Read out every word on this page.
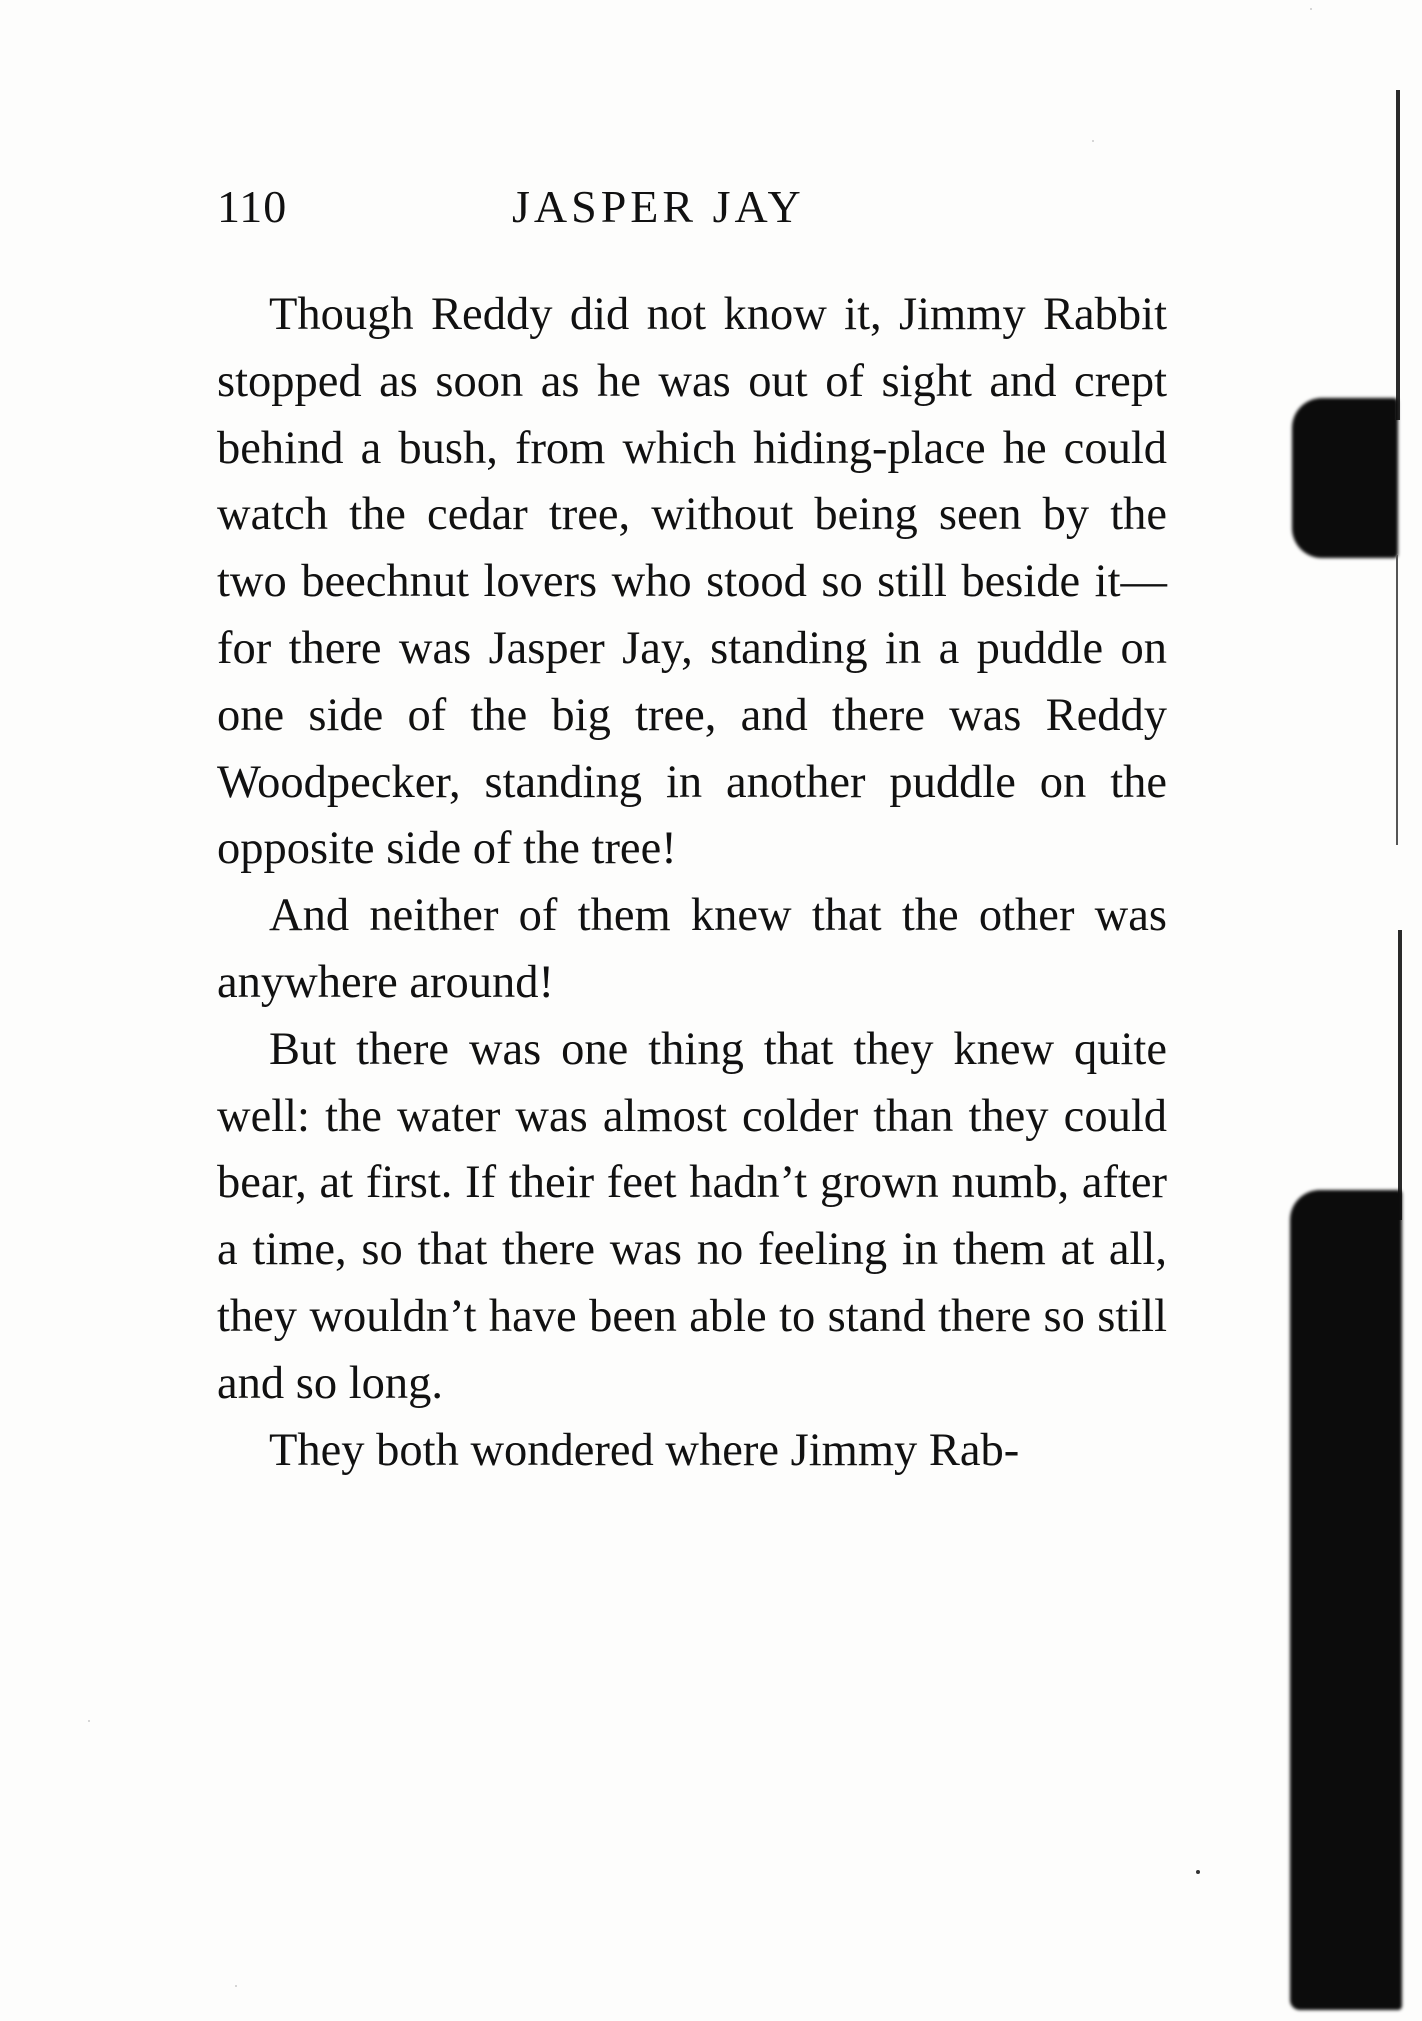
110	JASPER JAY

Though Reddy did not know it, Jimmy Rabbit stopped as soon as he was out of sight and crept behind a bush, from which hiding-place he could watch the cedar tree, without being seen by the two beechnut lovers who stood so still beside it—for there was Jasper Jay, standing in a puddle on one side of the big tree, and there was Reddy Woodpecker, standing in another puddle on the opposite side of the tree!

And neither of them knew that the other was anywhere around!

But there was one thing that they knew quite well: the water was almost colder than they could bear, at first. If their feet hadn’t grown numb, after a time, so that there was no feeling in them at all, they wouldn’t have been able to stand there so still and so long.

They both wondered where Jimmy Rab-
